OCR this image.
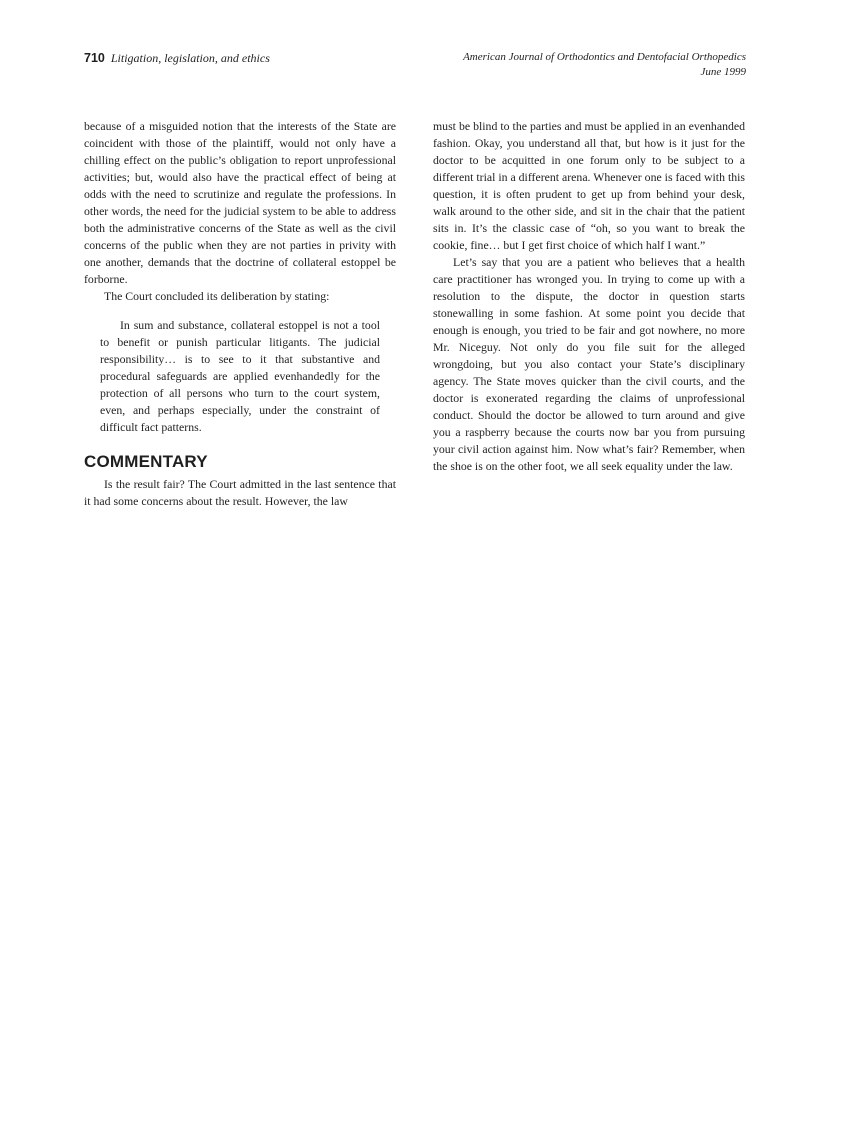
710 Litigation, legislation, and ethics	American Journal of Orthodontics and Dentofacial Orthopedics
June 1999

because of a misguided notion that the interests of the State are coincident with those of the plaintiff, would not only have a chilling effect on the public’s obligation to report unprofessional activities; but, would also have the practical effect of being at odds with the need to scrutinize and regulate the professions. In other words, the need for the judicial system to be able to address both the administrative concerns of the State as well as the civil concerns of the public when they are not parties in privity with one another, demands that the doctrine of collateral estoppel be forborne.

The Court concluded its deliberation by stating:

In sum and substance, collateral estoppel is not a tool to benefit or punish particular litigants. The judicial responsibility… is to see to it that substantive and procedural safeguards are applied evenhandedly for the protection of all persons who turn to the court system, even, and perhaps especially, under the constraint of difficult fact patterns.

COMMENTARY

Is the result fair? The Court admitted in the last sentence that it had some concerns about the result. However, the law

must be blind to the parties and must be applied in an evenhanded fashion. Okay, you understand all that, but how is it just for the doctor to be acquitted in one forum only to be subject to a different trial in a different arena. Whenever one is faced with this question, it is often prudent to get up from behind your desk, walk around to the other side, and sit in the chair that the patient sits in. It’s the classic case of “oh, so you want to break the cookie, fine… but I get first choice of which half I want.”

Let’s say that you are a patient who believes that a health care practitioner has wronged you. In trying to come up with a resolution to the dispute, the doctor in question starts stonewalling in some fashion. At some point you decide that enough is enough, you tried to be fair and got nowhere, no more Mr. Niceguy. Not only do you file suit for the alleged wrongdoing, but you also contact your State’s disciplinary agency. The State moves quicker than the civil courts, and the doctor is exonerated regarding the claims of unprofessional conduct. Should the doctor be allowed to turn around and give you a raspberry because the courts now bar you from pursuing your civil action against him. Now what’s fair? Remember, when the shoe is on the other foot, we all seek equality under the law.
